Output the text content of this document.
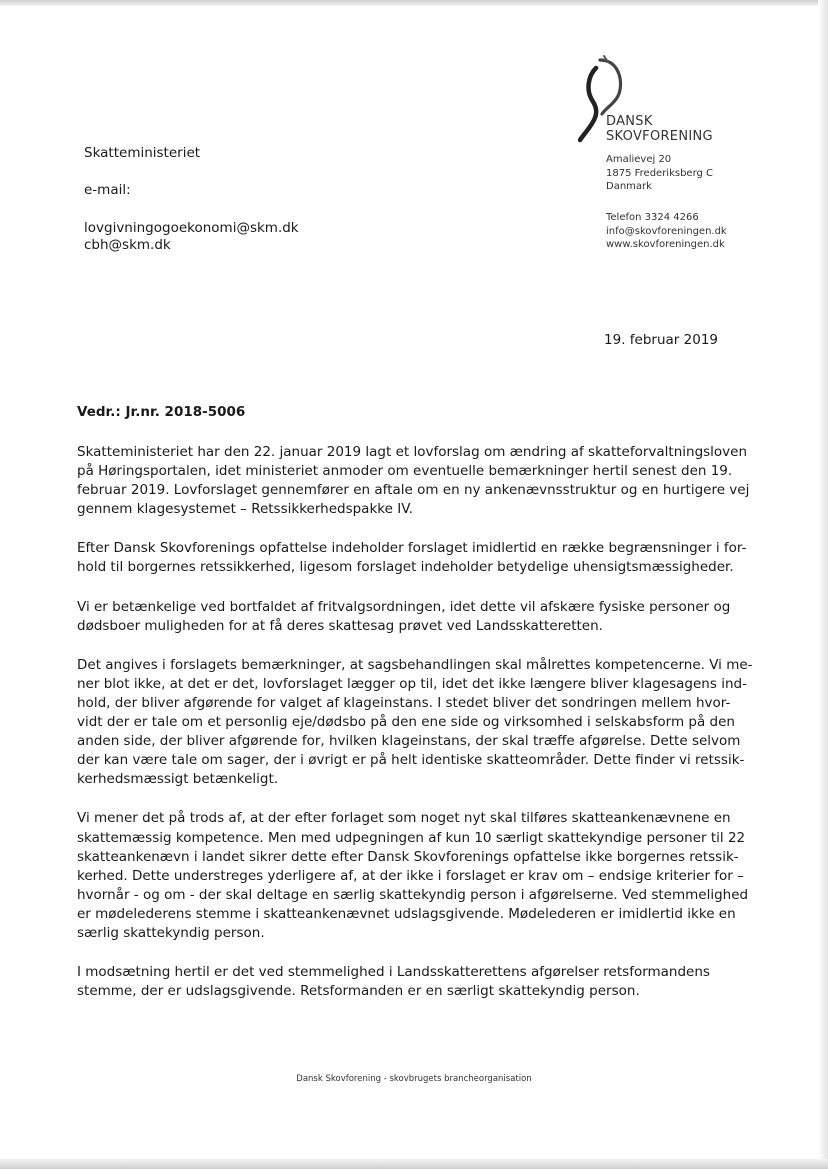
DANSK
SKOVFORENING
Amalievej 20
1875 Frederiksberg C
Danmark
Telefon 3324 4266
info@skovforeningen.dk
www.skovforeningen.dk
Skatteministeriet
e-mail:
lovgivningogoekonomi@skm.dk
cbh@skm.dk
19. februar 2019
Vedr.: Jr.nr. 2018-5006

Skatteministeriet har den 22. januar 2019 lagt et lovforslag om ændring af skatteforvaltningsloven
på Høringsportalen, idet ministeriet anmoder om eventuelle bemærkninger hertil senest den 19.
februar 2019. Lovforslaget gennemfører en aftale om en ny ankenævnsstruktur og en hurtigere vej
gennem klagesystemet – Retssikkerhedspakke IV.

Efter Dansk Skovforenings opfattelse indeholder forslaget imidlertid en række begrænsninger i for-
hold til borgernes retssikkerhed, ligesom forslaget indeholder betydelige uhensigtsmæssigheder.

Vi er betænkelige ved bortfaldet af fritvalgsordningen, idet dette vil afskære fysiske personer og
dødsboer muligheden for at få deres skattesag prøvet ved Landsskatteretten.

Det angives i forslagets bemærkninger, at sagsbehandlingen skal målrettes kompetencerne. Vi me-
ner blot ikke, at det er det, lovforslaget lægger op til, idet det ikke længere bliver klagesagens ind-
hold, der bliver afgørende for valget af klageinstans. I stedet bliver det sondringen mellem hvor-
vidt der er tale om et personlig eje/dødsbo på den ene side og virksomhed i selskabsform på den
anden side, der bliver afgørende for, hvilken klageinstans, der skal træffe afgørelse. Dette selvom
der kan være tale om sager, der i øvrigt er på helt identiske skatteområder. Dette finder vi retssik-
kerhedsmæssigt betænkeligt.

Vi mener det på trods af, at der efter forlaget som noget nyt skal tilføres skatteankenævnene en
skattemæssig kompetence. Men med udpegningen af kun 10 særligt skattekyndige personer til 22
skatteankenævn i landet sikrer dette efter Dansk Skovforenings opfattelse ikke borgernes retssik-
kerhed. Dette understreges yderligere af, at der ikke i forslaget er krav om – endsige kriterier for –
hvornår - og om - der skal deltage en særlig skattekyndig person i afgørelserne. Ved stemmelighed
er mødelederens stemme i skatteankenævnet udslagsgivende. Mødelederen er imidlertid ikke en
særlig skattekyndig person.

I modsætning hertil er det ved stemmelighed i Landsskatterettens afgørelser retsformandens
stemme, der er udslagsgivende. Retsformanden er en særligt skattekyndig person.

Dansk Skovforening - skovbrugets brancheorganisation
